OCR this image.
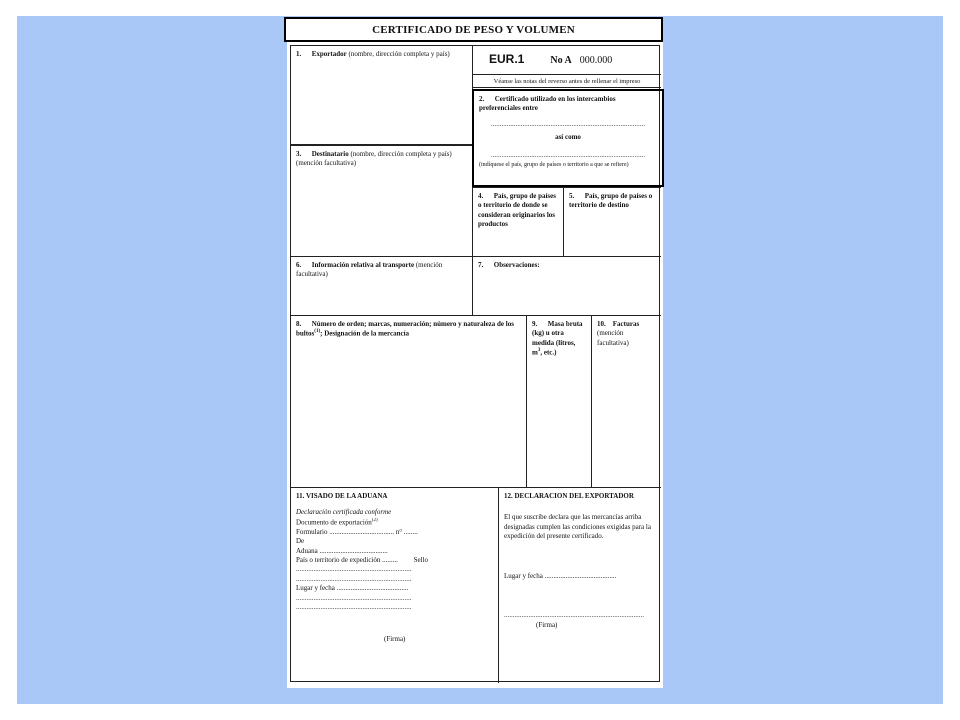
CERTIFICADO DE PESO Y VOLUMEN
1. Exportador (nombre, dirección completa y país)	EUR.1	No A 000.000
Véanse las notas del reverso antes de rellenar el impreso
3. Destinatario (nombre, dirección completa y país) (mención facultativa)
4. País, grupo de países o territorio de donde se consideran originarios los productos
5. País, grupo de países o territorio de destino
2. Certificado utilizado en los intercambios preferenciales entre
........................................................................................
así como
........................................................................................
(indíquese el país, grupo de países o territorio a que se refiere)
6. Información relativa al transporte (mención facultativa)
7. Observaciones:
8. Número de orden; marcas, numeración; número y naturaleza de los bultos$^{(1)}$; Designación de la mercancía
9. Masa bruta (kg) u otra medida (litros, $m^3$, etc.)
10. Facturas (mención facultativa)
11. VISADO DE LA ADUANA
Declaración certificada conforme
Documento de exportación$^{(2)}$
Formulario ..................................... n° ........
De
Aduana .......................................
País o territorio de expedición ......... Sello
..................................................................
..................................................................
Lugar y fecha .........................................
..................................................................
..................................................................
(Firma)
12. DECLARACION DEL EXPORTADOR
El que suscribe declara que las mercancías arriba designadas cumplen las condiciones exigidas para la expedición del presente certificado.
Lugar y fecha .........................................
................................................................................
(Firma)
